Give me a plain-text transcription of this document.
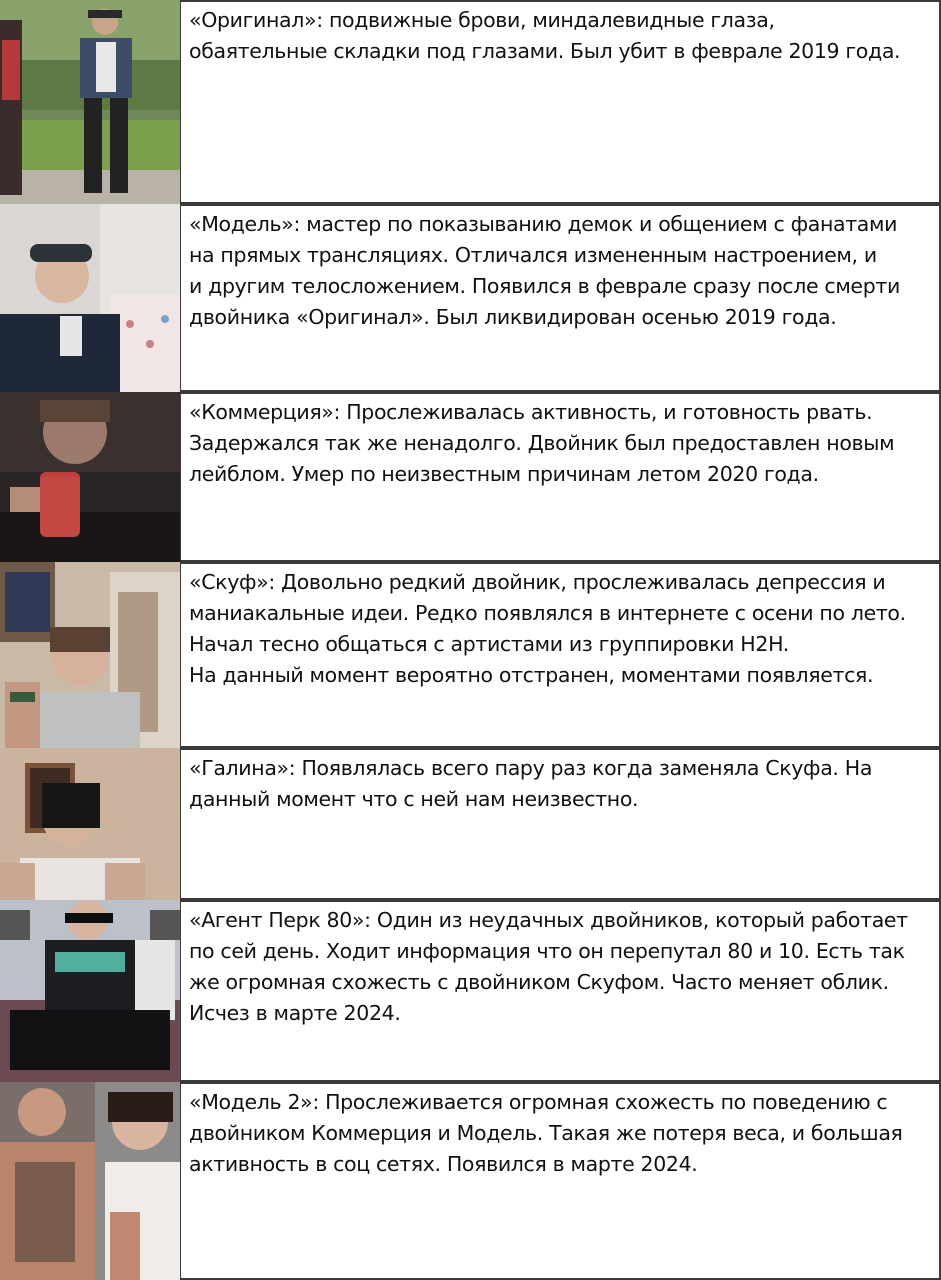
«Оригинал»: подвижные брови, миндалевидные глаза,
обаятельные складки под глазами. Был убит в феврале 2019 года.

«Модель»: мастер по показыванию демок и общением с фанатами
на прямых трансляциях. Отличался измененным настроением, и
и другим телосложением. Появился в феврале сразу после смерти
двойника «Оригинал». Был ликвидирован осенью 2019 года.

«Коммерция»: Прослеживалась активность, и готовность рвать.
Задержался так же ненадолго. Двойник был предоставлен новым
лейблом. Умер по неизвестным причинам летом 2020 года.

«Скуф»: Довольно редкий двойник, прослеживалась депрессия и
маниакальные идеи. Редко появлялся в интернете с осени по лето.
Начал тесно общаться с артистами из группировки H2H.
На данный момент вероятно отстранен, моментами появляется.

«Галина»: Появлялась всего пару раз когда заменяла Скуфа. На
данный момент что с ней нам неизвестно.

«Агент Перк 80»: Один из неудачных двойников, который работает
по сей день. Ходит информация что он перепутал 80 и 10. Есть так
же огромная схожесть с двойником Скуфом. Часто меняет облик.
Исчез в марте 2024.

«Модель 2»: Прослеживается огромная схожесть по поведению с
двойником Коммерция и Модель. Такая же потеря веса, и большая
активность в соц сетях. Появился в марте 2024.
